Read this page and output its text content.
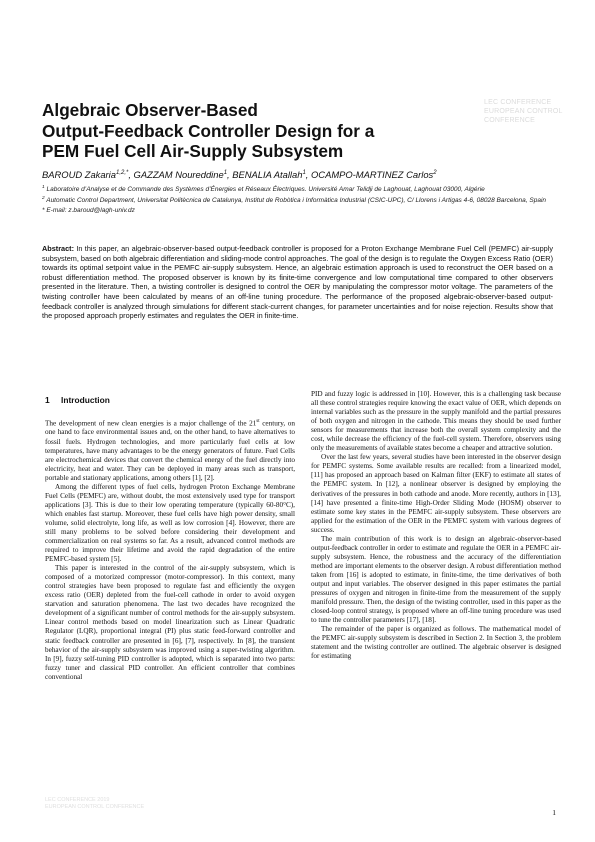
LEC CONFERENCE
EUROPEAN CONTROL
CONFERENCE
Algebraic Observer-Based
Output-Feedback Controller Design for a
PEM Fuel Cell Air-Supply Subsystem
BAROUD Zakaria$^{1,2,*}$, GAZZAM Noureddine$^1$, BENALIA Atallah$^1$, OCAMPO-MARTINEZ Carlos$^2$

$^1$ Laboratoire d’Analyse et de Commande des Systèmes d’Énergies et Réseaux Électriques. Université Amar Telidji de Laghouat, Laghouat 03000, Algérie

$^2$ Automatic Control Department, Universitat Politècnica de Catalunya, Institut de Robòtica i Informàtica Industrial (CSIC-UPC), C/ Llorens i Artigas 4-6, 08028 Barcelona, Spain

* E-mail: z.baroud@lagh-univ.dz

Abstract: In this paper, an algebraic-observer-based output-feedback controller is proposed for a Proton Exchange Membrane Fuel Cell (PEMFC) air-supply subsystem, based on both algebraic differentiation and sliding-mode control approaches. The goal of the design is to regulate the Oxygen Excess Ratio (OER) towards its optimal setpoint value in the PEMFC air-supply subsystem. Hence, an algebraic estimation approach is used to reconstruct the OER based on a robust differentiation method. The proposed observer is known by its finite-time convergence and low computational time compared to other observers presented in the literature. Then, a twisting controller is designed to control the OER by manipulating the compressor motor voltage. The parameters of the twisting controller have been calculated by means of an off-line tuning procedure. The performance of the proposed algebraic-observer-based output-feedback controller is analyzed through simulations for different stack-current changes, for parameter uncertainties and for noise rejection. Results show that the proposed approach properly estimates and regulates the OER in finite-time.

1 Introduction

The development of new clean energies is a major challenge of the 21st century, on one hand to face environmental issues and, on the other hand, to have alternatives to fossil fuels. Hydrogen technologies, and more particularly fuel cells at low temperatures, have many advantages to be the energy generators of future. Fuel Cells are electrochemical devices that convert the chemical energy of the fuel directly into electricity, heat and water. They can be deployed in many areas such as transport, portable and stationary applications, among others [1], [2].

Among the different types of fuel cells, hydrogen Proton Exchange Membrane Fuel Cells (PEMFC) are, without doubt, the most extensively used type for transport applications [3]. This is due to their low operating temperature (typically 60-80°C), which enables fast startup. Moreover, these fuel cells have high power density, small volume, solid electrolyte, long life, as well as low corrosion [4]. However, there are still many problems to be solved before considering their development and commercialization on real systems so far. As a result, advanced control methods are required to improve their lifetime and avoid the rapid degradation of the entire PEMFC-based system [5].

This paper is interested in the control of the air-supply subsystem, which is composed of a motorized compressor (motor-compressor). In this context, many control strategies have been proposed to regulate fast and efficiently the oxygen excess ratio (OER) depleted from the fuel-cell cathode in order to avoid oxygen starvation and saturation phenomena. The last two decades have recognized the development of a significant number of control methods for the air-supply subsystem. Linear control methods based on model linearization such as Linear Quadratic Regulator (LQR), proportional integral (PI) plus static feed-forward controller and static feedback controller are presented in [6], [7], respectively. In [8], the transient behavior of the air-supply subsystem was improved using a super-twisting algorithm. In [9], fuzzy self-tuning PID controller is adopted, which is separated into two parts: fuzzy tuner and classical PID controller. An efficient controller that combines conventional

PID and fuzzy logic is addressed in [10]. However, this is a challenging task because all these control strategies require knowing the exact value of OER, which depends on internal variables such as the pressure in the supply manifold and the partial pressures of both oxygen and nitrogen in the cathode. This means they should be used further sensors for measurements that increase both the overall system complexity and the cost, while decrease the efficiency of the fuel-cell system. Therefore, observers using only the measurements of available states become a cheaper and attractive solution.

Over the last few years, several studies have been interested in the observer design for PEMFC systems. Some available results are recalled: from a linearized model, [11] has proposed an approach based on Kalman filter (EKF) to estimate all states of the PEMFC system. In [12], a nonlinear observer is designed by employing the derivatives of the pressures in both cathode and anode. More recently, authors in [13], [14] have presented a finite-time High-Order Sliding Mode (HOSM) observer to estimate some key states in the PEMFC air-supply subsystem. These observers are applied for the estimation of the OER in the PEMFC system with various degrees of success.

The main contribution of this work is to design an algebraic-observer-based output-feedback controller in order to estimate and regulate the OER in a PEMFC air-supply subsystem. Hence, the robustness and the accuracy of the differentiation method are important elements to the observer design. A robust differentiation method taken from [16] is adopted to estimate, in finite-time, the time derivatives of both output and input variables. The observer designed in this paper estimates the partial pressures of oxygen and nitrogen in finite-time from the measurement of the supply manifold pressure. Then, the design of the twisting controller, used in this paper as the closed-loop control strategy, is proposed where an off-line tuning procedure was used to tune the controller parameters [17], [18].

The remainder of the paper is organized as follows. The mathematical model of the PEMFC air-supply subsystem is described in Section 2. In Section 3, the problem statement and the twisting controller are outlined. The algebraic observer is designed for estimating

LEC CONFERENCE 2019
EUROPEAN CONTROL CONFERENCE
1
